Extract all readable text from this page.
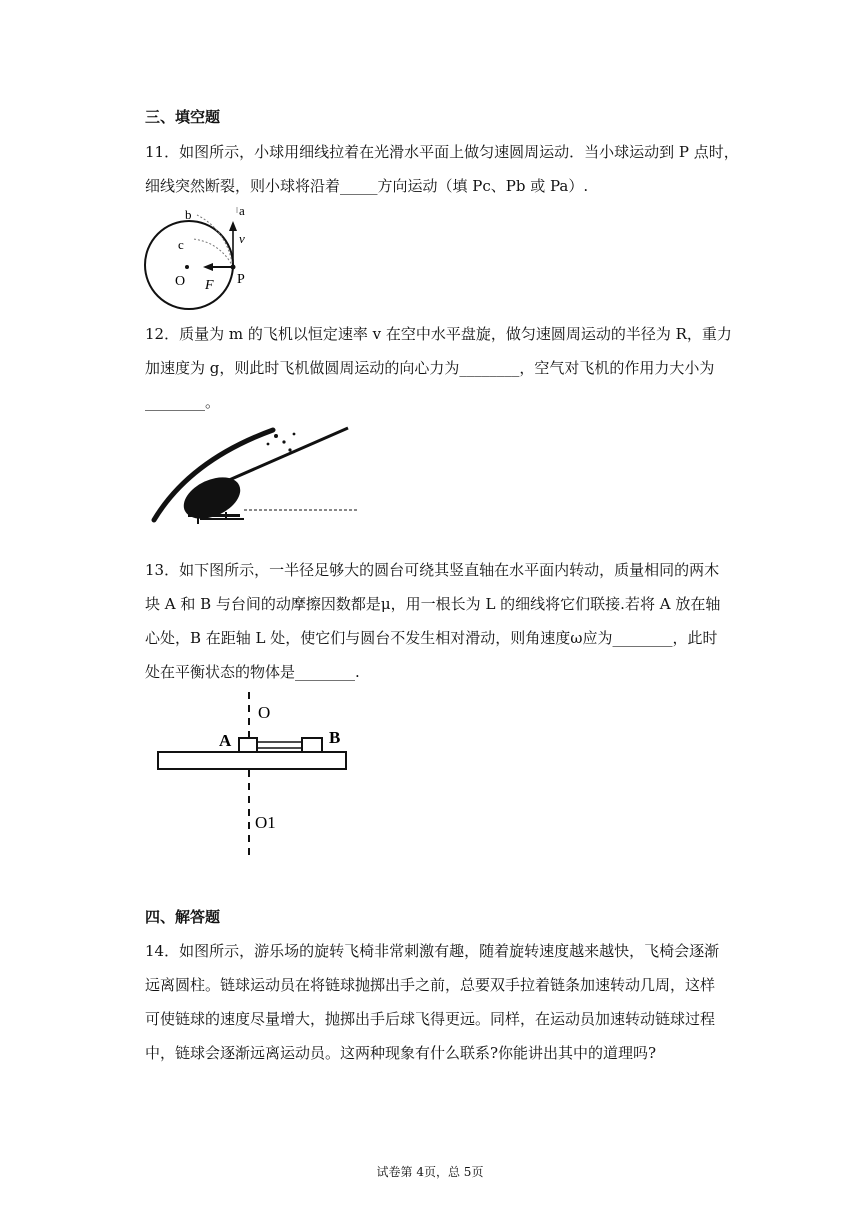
三、填空题
11．如图所示，小球用细线拉着在光滑水平面上做匀速圆周运动．当小球运动到 P 点时，
细线突然断裂，则小球将沿着_____方向运动（填 Pc、Pb 或 Pa）.
a
b
c	v
O F P
12．质量为 m 的飞机以恒定速率 v 在空中水平盘旋，做匀速圆周运动的半径为 R，重力
加速度为 g，则此时飞机做圆周运动的向心力为________，空气对飞机的作用力大小为
________。
13．如下图所示，一半径足够大的圆台可绕其竖直轴在水平面内转动，质量相同的两木
块 A 和 B 与台间的动摩擦因数都是μ，用一根长为 L 的细线将它们联接.若将 A 放在轴
心处，B 在距轴 L 处，使它们与圆台不发生相对滑动，则角速度ω应为________，此时
处在平衡状态的物体是________.
O
A	B
O1
四、解答题
14．如图所示，游乐场的旋转飞椅非常刺激有趣，随着旋转速度越来越快，飞椅会逐渐
远离圆柱。链球运动员在将链球抛掷出手之前，总要双手拉着链条加速转动几周，这样
可使链球的速度尽量增大，抛掷出手后球飞得更远。同样，在运动员加速转动链球过程
中，链球会逐渐远离运动员。这两种现象有什么联系?你能讲出其中的道理吗?
试卷第 4页，总 5页
